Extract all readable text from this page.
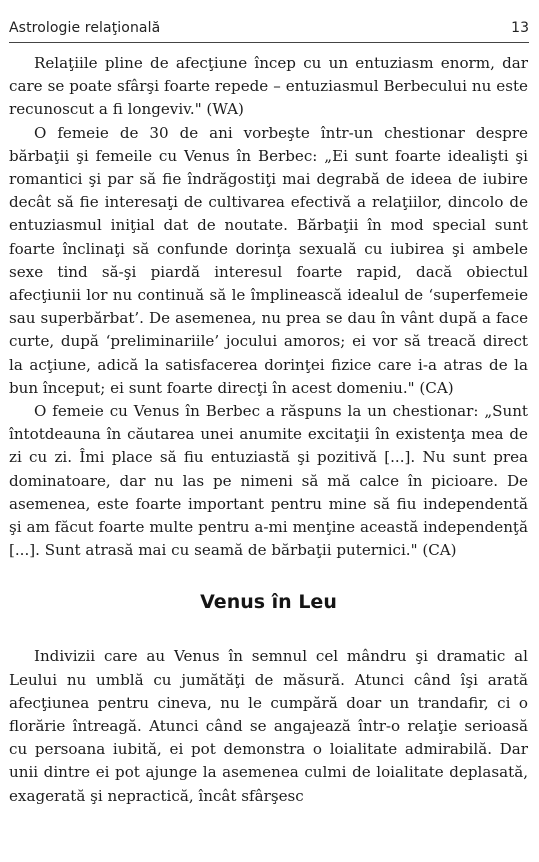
Astrologie relaţională	13

Relaţiile pline de afecţiune încep cu un entuziasm enorm, dar care se poate sfârşi foarte repede – entuziasmul Berbecului nu este recunoscut a fi longeviv." (WA)

O femeie de 30 de ani vorbeşte într-un chestionar despre bărbaţii şi femeile cu Venus în Berbec: „Ei sunt foarte idealişti şi romantici şi par să fie îndrăgostiţi mai degrabă de ideea de iubire decât să fie interesaţi de cultivarea efectivă a relaţiilor, dincolo de entuziasmul iniţial dat de noutate. Bărbaţii în mod special sunt foarte înclinaţi să confunde dorinţa sexuală cu iubirea şi ambele sexe tind să-şi piardă interesul foarte rapid, dacă obiectul afecţiunii lor nu continuă să le împlinească idealul de ‘superfemeie sau superbărbat’. De asemenea, nu prea se dau în vânt după a face curte, după ‘preliminariile’ jocului amoros; ei vor să treacă direct la acţiune, adică la satisfacerea dorinţei fizice care i-a atras de la bun început; ei sunt foarte direcţi în acest domeniu." (CA)

O femeie cu Venus în Berbec a răspuns la un chestionar: „Sunt întotdeauna în căutarea unei anumite excitaţii în existenţa mea de zi cu zi. Îmi place să fiu entuziastă şi pozitivă [...]. Nu sunt prea dominatoare, dar nu las pe nimeni să mă calce în picioare. De asemenea, este foarte important pentru mine să fiu independentă şi am făcut foarte multe pentru a-mi menţine această independenţă [...]. Sunt atrasă mai cu seamă de bărbaţii puternici." (CA)

Venus în Leu

Indivizii care au Venus în semnul cel mândru şi dramatic al Leului nu umblă cu jumătăţi de măsură. Atunci când îşi arată afecţiunea pentru cineva, nu le cumpără doar un trandafir, ci o florărie întreagă. Atunci când se angajează într-o relaţie serioasă cu persoana iubită, ei pot demonstra o loialitate admirabilă. Dar unii dintre ei pot ajunge la asemenea culmi de loialitate deplasată, exagerată şi nepractică, încât sfârşesc
